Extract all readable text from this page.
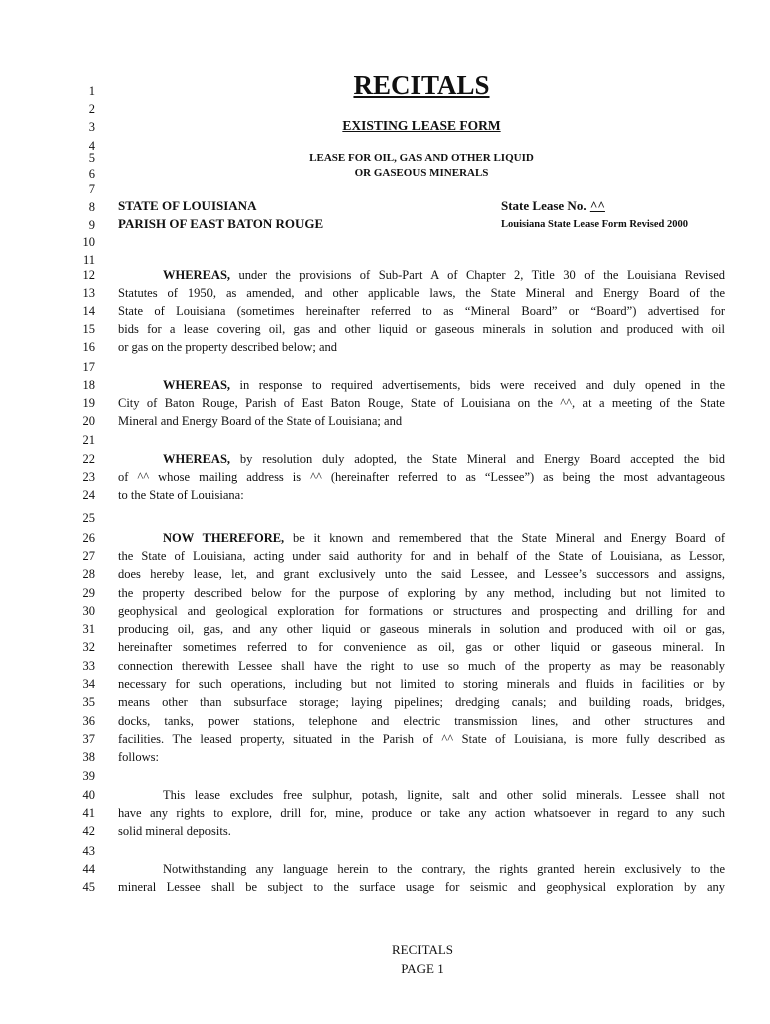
1
2
3
4
5
6
7
8
9
10
11
12
13
14
15
16
17
18
19
20
21
22
23
24
25
26
27
28
29
30
31
32
33
34
35
36
37
38
39
40
41
42
43
44
45
RECITALS
EXISTING LEASE FORM
LEASE FOR OIL, GAS AND OTHER LIQUID
OR GASEOUS MINERALS
STATE OF LOUISIANA
PARISH OF EAST BATON ROUGE
State Lease No. ^^
Louisiana State Lease Form Revised 2000
WHEREAS, under the provisions of Sub-Part A of Chapter 2, Title 30 of the Louisiana Revised
Statutes of 1950, as amended, and other applicable laws, the State Mineral and Energy Board of the
State of Louisiana (sometimes hereinafter referred to as “Mineral Board” or “Board”) advertised for
bids for a lease covering oil, gas and other liquid or gaseous minerals in solution and produced with oil
or gas on the property described below; and
WHEREAS, in response to required advertisements, bids were received and duly opened in the
City of Baton Rouge, Parish of East Baton Rouge, State of Louisiana on the ^^, at a meeting of the State
Mineral and Energy Board of the State of Louisiana; and
WHEREAS, by resolution duly adopted, the State Mineral and Energy Board accepted the bid
of ^^ whose mailing address is ^^ (hereinafter referred to as “Lessee”) as being the most advantageous
to the State of Louisiana:
NOW THEREFORE, be it known and remembered that the State Mineral and Energy Board of
the State of Louisiana, acting under said authority for and in behalf of the State of Louisiana, as Lessor,
does hereby lease, let, and grant exclusively unto the said Lessee, and Lessee’s successors and assigns,
the property described below for the purpose of exploring by any method, including but not limited to
geophysical and geological exploration for formations or structures and prospecting and drilling for and
producing oil, gas, and any other liquid or gaseous minerals in solution and produced with oil or gas,
hereinafter sometimes referred to for convenience as oil, gas or other liquid or gaseous mineral. In
connection therewith Lessee shall have the right to use so much of the property as may be reasonably
necessary for such operations, including but not limited to storing minerals and fluids in facilities or by
means other than subsurface storage; laying pipelines; dredging canals; and building roads, bridges,
docks, tanks, power stations, telephone and electric transmission lines, and other structures and
facilities. The leased property, situated in the Parish of ^^ State of Louisiana, is more fully described as
follows:
This lease excludes free sulphur, potash, lignite, salt and other solid minerals. Lessee shall not
have any rights to explore, drill for, mine, produce or take any action whatsoever in regard to any such
solid mineral deposits.
Notwithstanding any language herein to the contrary, the rights granted herein exclusively to the
mineral Lessee shall be subject to the surface usage for seismic and geophysical exploration by any
RECITALS
PAGE 1
